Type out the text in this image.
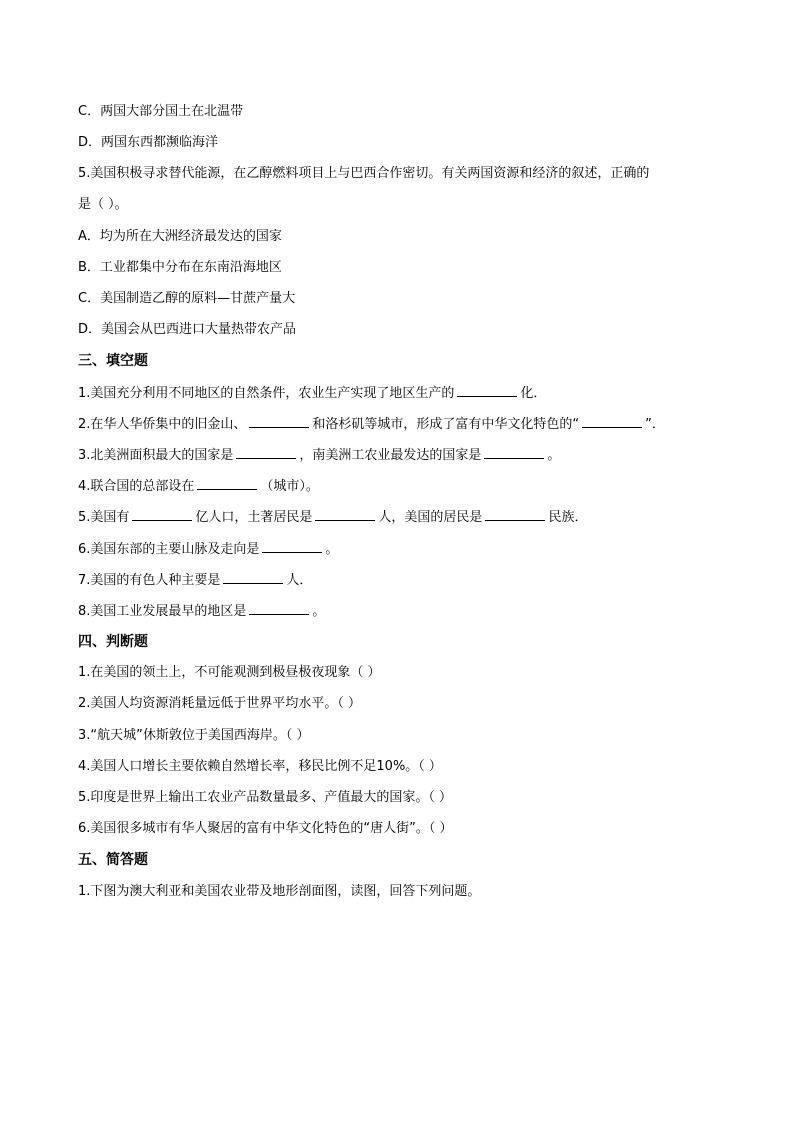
C．两国大部分国土在北温带
D．两国东西都濒临海洋
5.美国积极寻求替代能源，在乙醇燃料项目上与巴西合作密切。有关两国资源和经济的叙述，正确的
是（ ）。
A．均为所在大洲经济最发达的国家
B．工业都集中分布在东南沿海地区
C．美国制造乙醇的原料—甘蔗产量大
D．美国会从巴西进口大量热带农产品
三、填空题
1.美国充分利用不同地区的自然条件，农业生产实现了地区生产的	化．
2.在华人华侨集中的旧金山、	和洛杉矶等城市，形成了富有中华文化特色的“	”．
3.北美洲面积最大的国家是	，南美洲工农业最发达的国家是	。
4.联合国的总部设在	（城市）。
5.美国有	亿人口，土著居民是	人，美国的居民是	民族．
6.美国东部的主要山脉及走向是	。
7.美国的有色人种主要是	人．
8.美国工业发展最早的地区是	。
四、判断题
1.在美国的领土上，不可能观测到极昼极夜现象（ ）
2.美国人均资源消耗量远低于世界平均水平。（ ）
3.“航天城”休斯敦位于美国西海岸。（ ）
4.美国人口增长主要依赖自然增长率，移民比例不足10%。（ ）
5.印度是世界上输出工农业产品数量最多、产值最大的国家。（ ）
6.美国很多城市有华人聚居的富有中华文化特色的“唐人街”。（ ）
五、简答题
1.下图为澳大利亚和美国农业带及地形剖面图，读图，回答下列问题。
